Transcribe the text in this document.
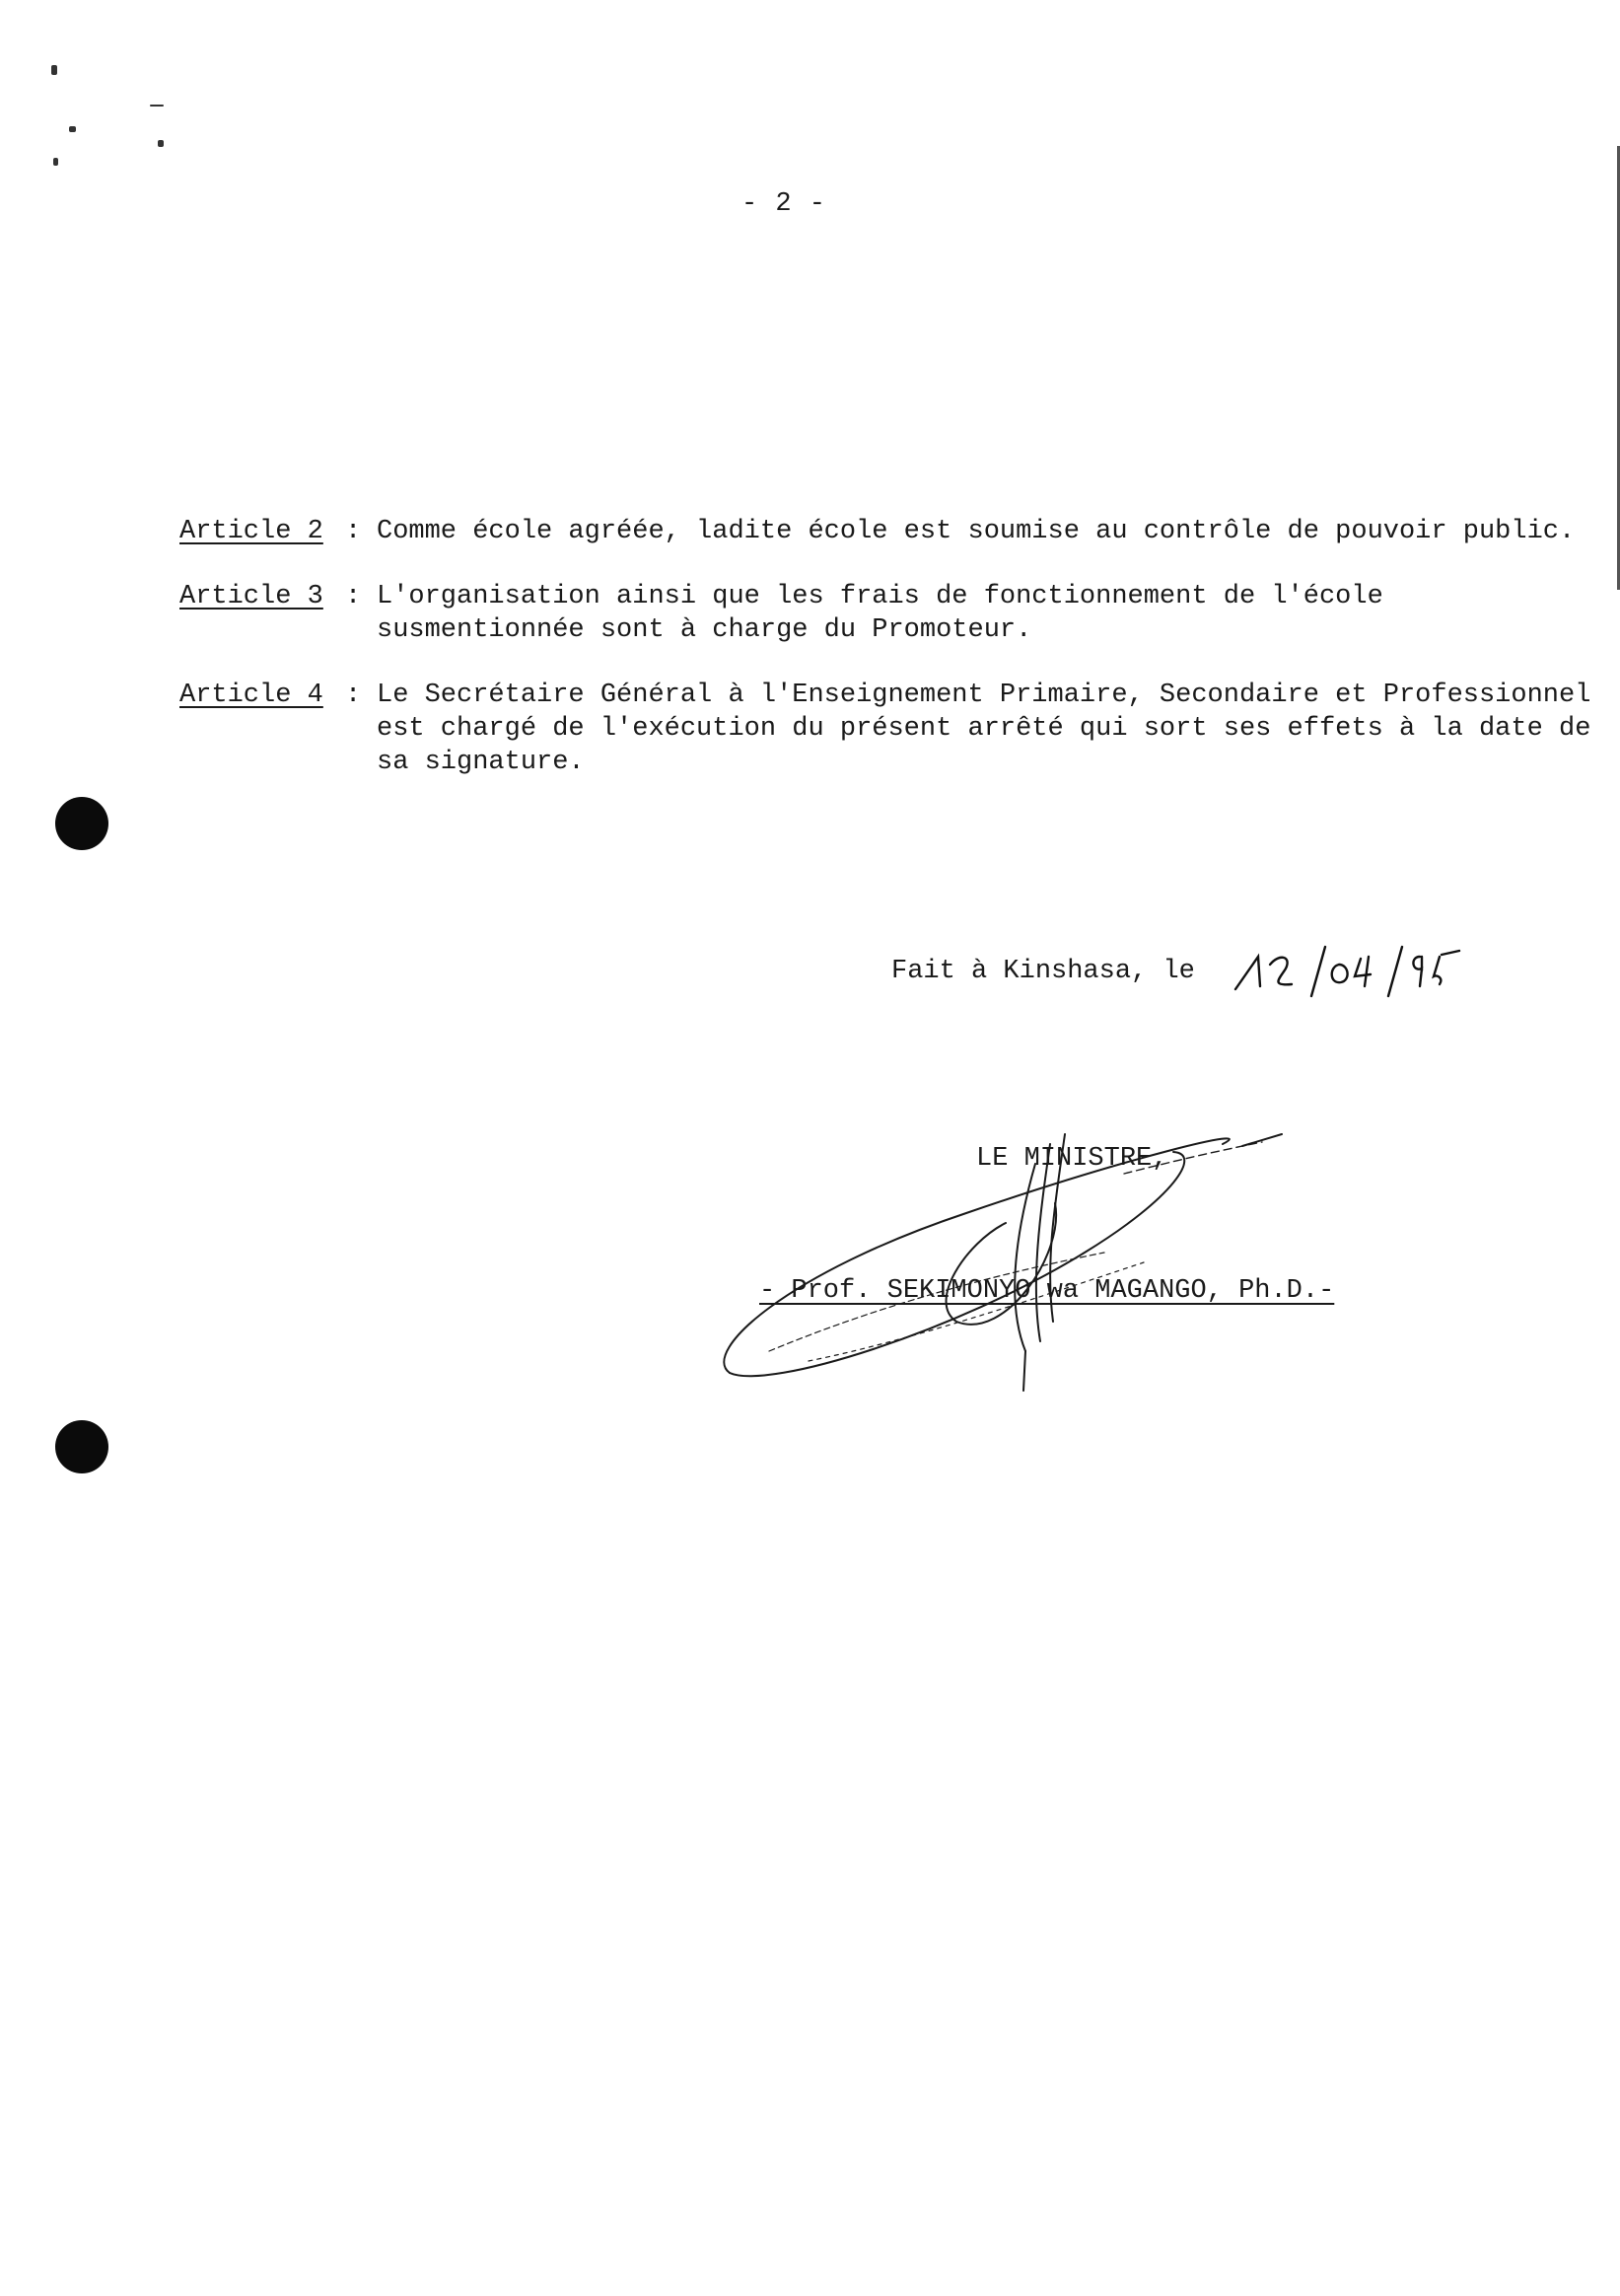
- 2 -
Article 2 : Comme école agréée, ladite école est soumise au contrôle de pouvoir public.
Article 3 : L'organisation ainsi que les frais de fonctionnement de l'école susmentionnée sont à charge du Promoteur.
Article 4 : Le Secrétaire Général à l'Enseignement Primaire, Secondaire et Professionnel est chargé de l'exécution du présent arrêté qui sort ses effets à la date de sa signature.
Fait à Kinshasa, le
LE MINISTRE,
- Prof. SEKIMONYO wa MAGANGO, Ph.D.-
